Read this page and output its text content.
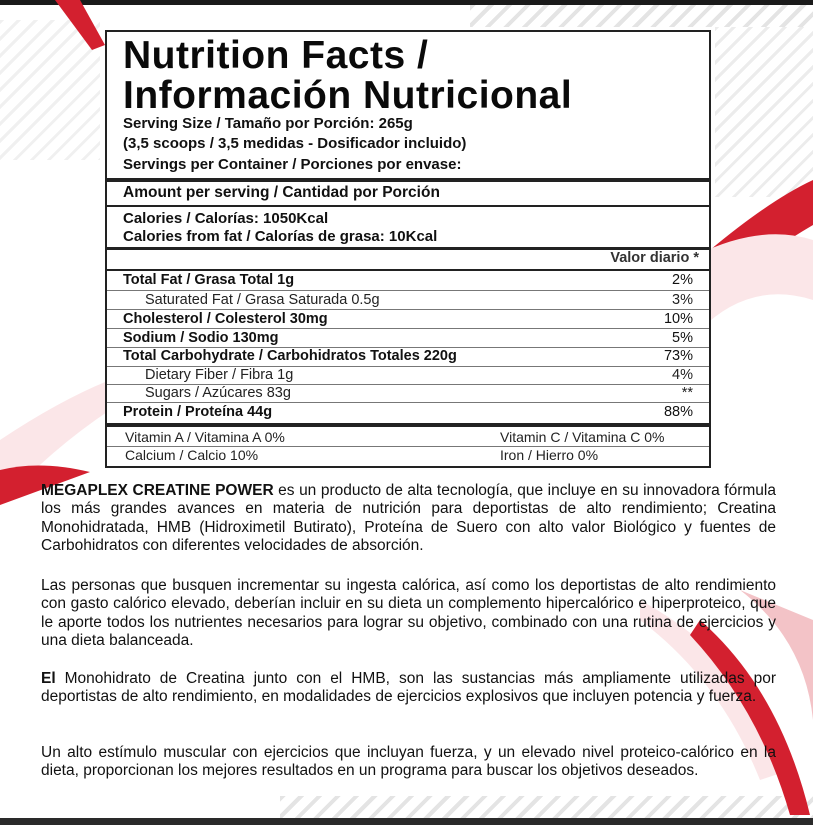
Nutrition Facts /
Información Nutricional
Serving Size / Tamaño por Porción: 265g
(3,5 scoops / 3,5 medidas - Dosificador incluido)
Servings per Container / Porciones por envase:
Amount per serving / Cantidad por Porción
Calories / Calorías: 1050Kcal
Calories from fat / Calorías de grasa: 10Kcal
Valor diario *
Total Fat / Grasa Total 1g	2%
Saturated Fat / Grasa Saturada 0.5g	3%
Cholesterol / Colesterol 30mg	10%
Sodium / Sodio 130mg	5%
Total Carbohydrate / Carbohidratos Totales 220g	73%
Dietary Fiber / Fibra 1g	4%
Sugars / Azúcares 83g	**
Protein / Proteína 44g	88%
Vitamin A / Vitamina A 0%	Vitamin C / Vitamina C 0%
Calcium / Calcio 10%	Iron / Hierro 0%

MEGAPLEX CREATINE POWER es un producto de alta tecnología, que incluye en su innovadora fórmula los más grandes avances en materia de nutrición para deportistas de alto rendimiento; Creatina Monohidratada, HMB (Hidroximetil Butirato), Proteína de Suero con alto valor Biológico y fuentes de Carbohidratos con diferentes velocidades de absorción.

Las personas que busquen incrementar su ingesta calórica, así como los deportistas de alto rendimiento con gasto calórico elevado, deberían incluir en su dieta un complemento hipercalórico e hiperproteico, que le aporte todos los nutrientes necesarios para lograr su objetivo, combinado con una rutina de ejercicios y una dieta balanceada.

El Monohidrato de Creatina junto con el HMB, son las sustancias más ampliamente utilizadas por deportistas de alto rendimiento, en modalidades de ejercicios explosivos que incluyen potencia y fuerza.

Un alto estímulo muscular con ejercicios que incluyan fuerza, y un elevado nivel proteico-calórico en la dieta, proporcionan los mejores resultados en un programa para buscar los objetivos deseados.
